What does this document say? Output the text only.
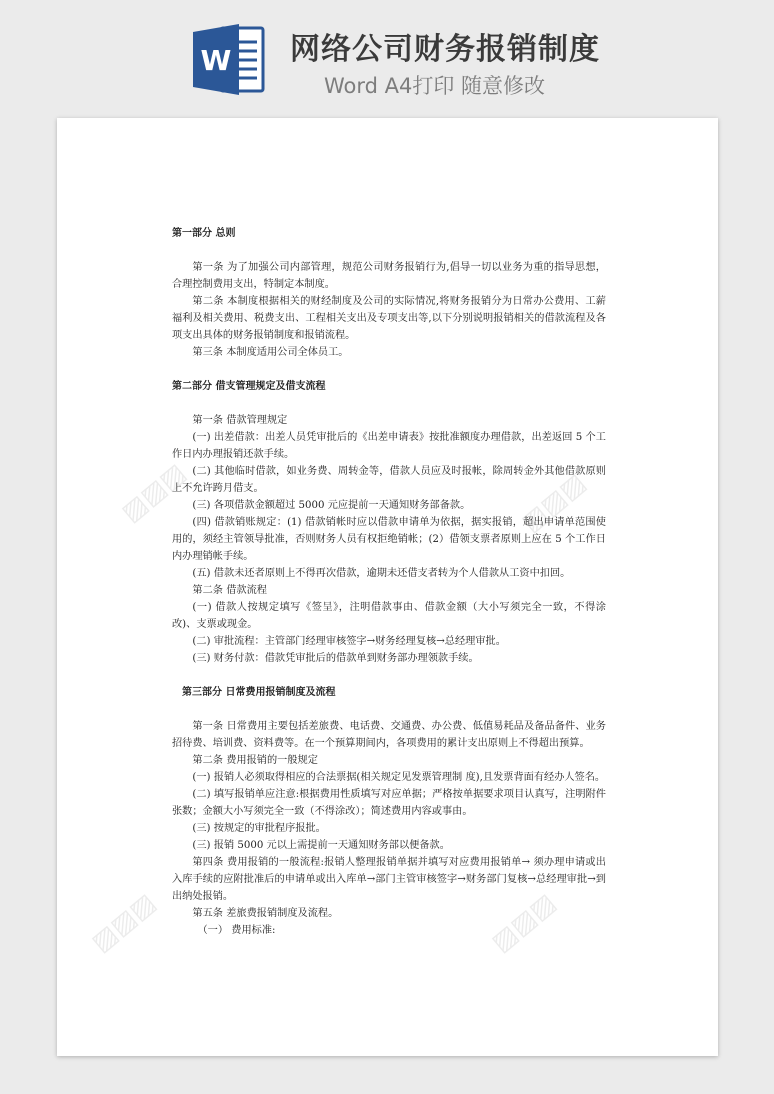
W 网络公司财务报销制度
Word A4打印 随意修改
▨▨▨	▨▨▨
▨▨▨	▨▨▨

第一部分 总则

第一条 为了加强公司内部管理，规范公司财务报销行为,倡导一切以业务为重的指导思想，合理控制费用支出，特制定本制度。

第二条 本制度根据相关的财经制度及公司的实际情况,将财务报销分为日常办公费用、工薪福利及相关费用、税费支出、工程相关支出及专项支出等,以下分别说明报销相关的借款流程及各项支出具体的财务报销制度和报销流程。

第三条 本制度适用公司全体员工。

第二部分 借支管理规定及借支流程

第一条 借款管理规定

(一) 出差借款：出差人员凭审批后的《出差申请表》按批准额度办理借款，出差返回 5 个工作日内办理报销还款手续。

(二) 其他临时借款，如业务费、周转金等，借款人员应及时报帐，除周转金外其他借款原则上不允许跨月借支。

(三) 各项借款金额超过 5000 元应提前一天通知财务部备款。

(四) 借款销账规定：(1) 借款销帐时应以借款申请单为依据，据实报销，超出申请单范围使用的，须经主管领导批准，否则财务人员有权拒绝销帐；(2）借领支票者原则上应在 5 个工作日内办理销帐手续。

(五) 借款未还者原则上不得再次借款，逾期未还借支者转为个人借款从工资中扣回。

第二条 借款流程

(一) 借款人按规定填写《签呈》，注明借款事由、借款金额（大小写须完全一致，不得涂改)、支票或现金。

(二) 审批流程：主管部门经理审核签字→财务经理复核→总经理审批。

(三) 财务付款：借款凭审批后的借款单到财务部办理领款手续。

第三部分 日常费用报销制度及流程

第一条 日常费用主要包括差旅费、电话费、交通费、办公费、低值易耗品及备品备件、业务招待费、培训费、资料费等。在一个预算期间内，各项费用的累计支出原则上不得超出预算。

第二条 费用报销的一般规定

(一) 报销人必须取得相应的合法票据(相关规定见发票管理制 度),且发票背面有经办人签名。

(二) 填写报销单应注意:根据费用性质填写对应单据；严格按单据要求项目认真写，注明附件张数；金额大小写须完全一致（不得涂改）；简述费用内容或事由。

(三) 按规定的审批程序报批。

(三) 报销 5000 元以上需提前一天通知财务部以便备款。

第四条 费用报销的一般流程:报销人整理报销单据并填写对应费用报销单→ 须办理申请或出入库手续的应附批准后的申请单或出入库单→部门主管审核签字→财务部门复核→总经理审批→到出纳处报销。

第五条 差旅费报销制度及流程。

（一） 费用标准:
